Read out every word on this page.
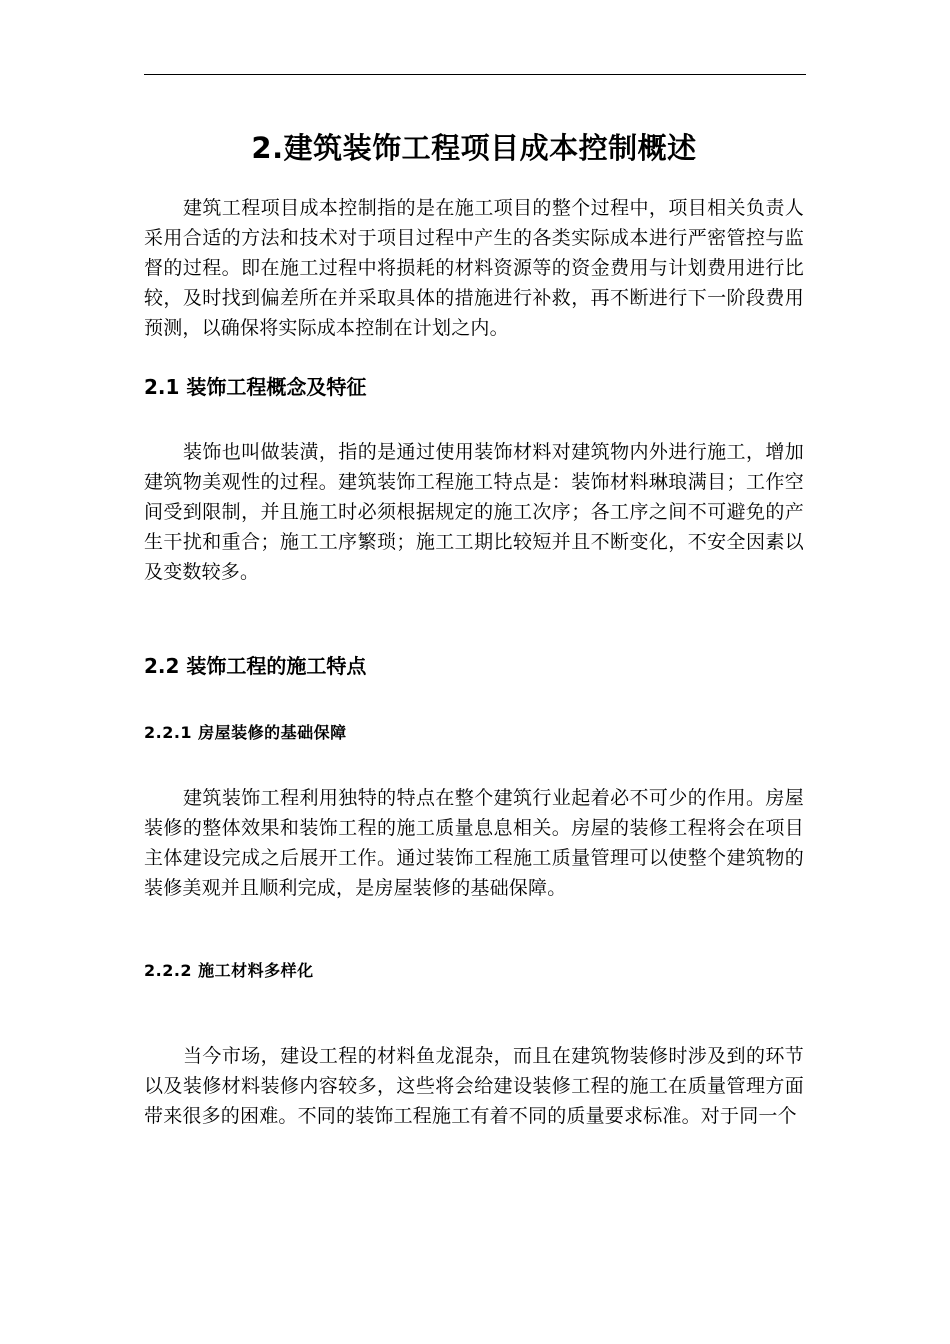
2.建筑装饰工程项目成本控制概述

建筑工程项目成本控制指的是在施工项目的整个过程中，项目相关负责人采用合适的方法和技术对于项目过程中产生的各类实际成本进行严密管控与监督的过程。即在施工过程中将损耗的材料资源等的资金费用与计划费用进行比较，及时找到偏差所在并采取具体的措施进行补救，再不断进行下一阶段费用预测，以确保将实际成本控制在计划之内。

2.1 装饰工程概念及特征

装饰也叫做装潢，指的是通过使用装饰材料对建筑物内外进行施工，增加建筑物美观性的过程。建筑装饰工程施工特点是：装饰材料琳琅满目；工作空间受到限制，并且施工时必须根据规定的施工次序；各工序之间不可避免的产生干扰和重合；施工工序繁琐；施工工期比较短并且不断变化，不安全因素以及变数较多。

2.2 装饰工程的施工特点
2.2.1 房屋装修的基础保障

建筑装饰工程利用独特的特点在整个建筑行业起着必不可少的作用。房屋装修的整体效果和装饰工程的施工质量息息相关。房屋的装修工程将会在项目主体建设完成之后展开工作。通过装饰工程施工质量管理可以使整个建筑物的装修美观并且顺利完成，是房屋装修的基础保障。

2.2.2 施工材料多样化

当今市场，建设工程的材料鱼龙混杂，而且在建筑物装修时涉及到的环节以及装修材料装修内容较多，这些将会给建设装修工程的施工在质量管理方面带来很多的困难。不同的装饰工程施工有着不同的质量要求标准。对于同一个
